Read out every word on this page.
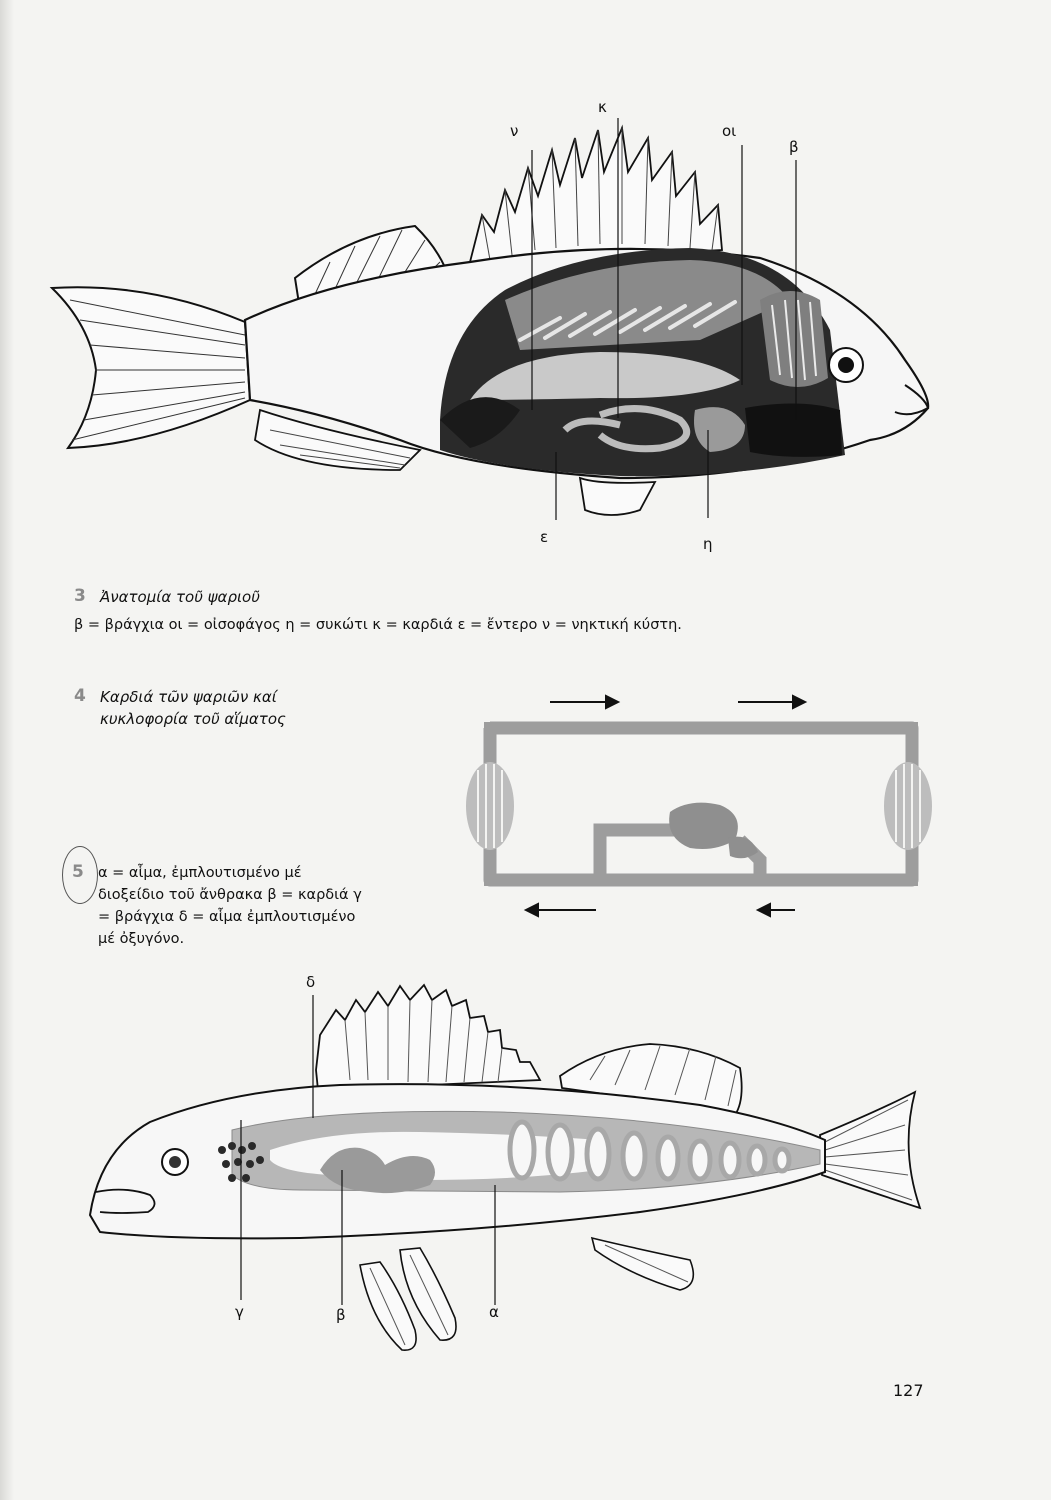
ν
κ
οι
β
ε	η
3 Ἀνατομία τοῦ ψαριοῦ
β = βράγχια οι = οἰσοφάγος η = συκώτι κ = καρδιά ε = ἔντερο ν = νηκτική κύστη.
4 Καρδιά τῶν ψαριῶν καί
κυκλοφορία τοῦ αἵματος
5 α = αἷμα, ἐμπλουτισμένο μέ διοξείδιο τοῦ ἄνθρακα β = καρδιά γ = βράγχια δ = αἷμα ἐμπλουτισμένο μέ ὀξυγόνο.
δ
γ	β	α
127
